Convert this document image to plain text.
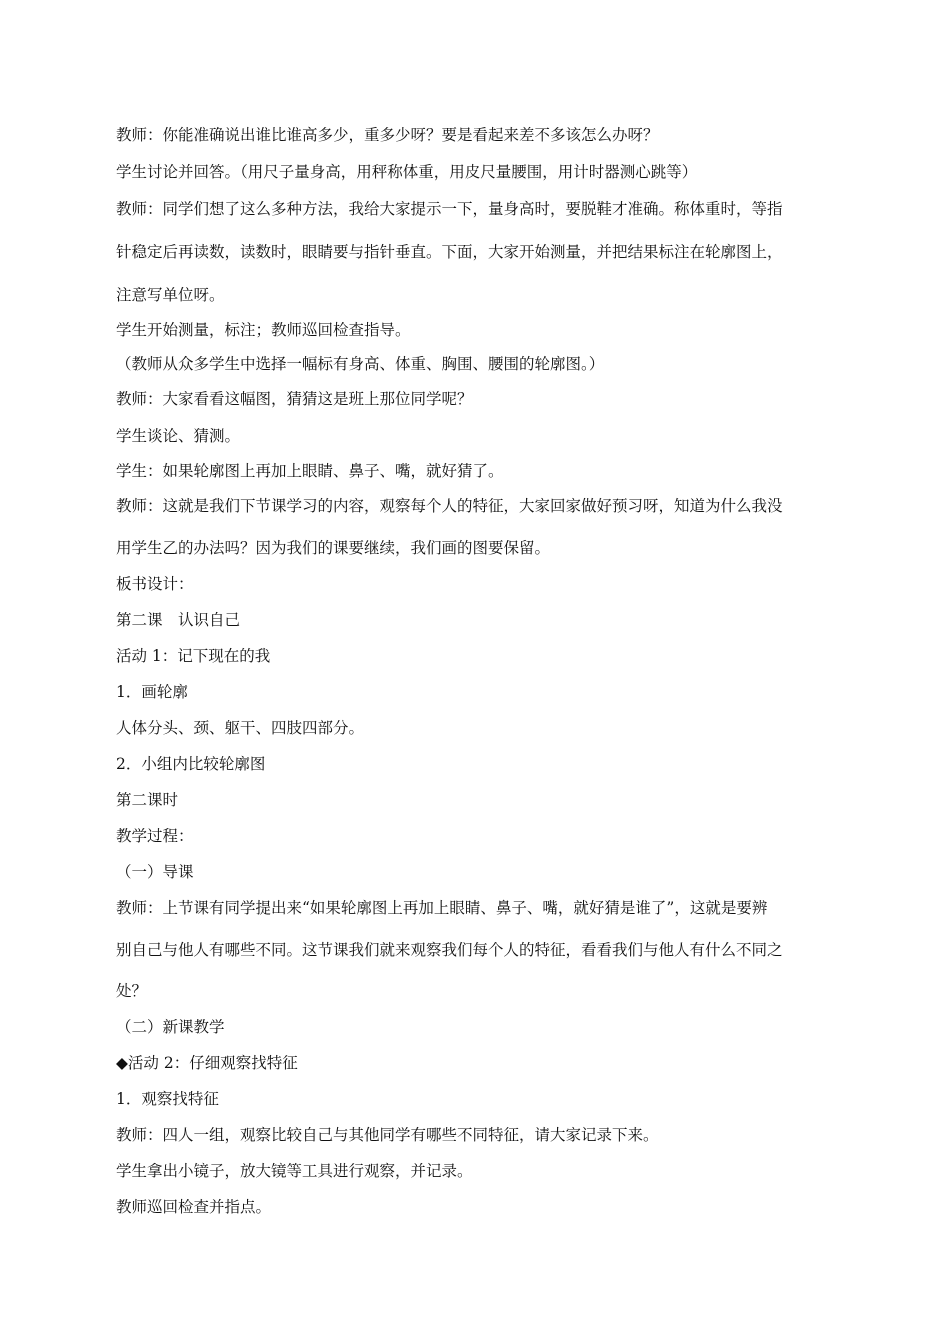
教师：你能准确说出谁比谁高多少，重多少呀？要是看起来差不多该怎么办呀？
学生讨论并回答。（用尺子量身高，用秤称体重，用皮尺量腰围，用计时器测心跳等）
教师：同学们想了这么多种方法，我给大家提示一下，量身高时，要脱鞋才准确。称体重时，等指
针稳定后再读数，读数时，眼睛要与指针垂直。下面，大家开始测量，并把结果标注在轮廓图上，
注意写单位呀。
学生开始测量，标注；教师巡回检查指导。
（教师从众多学生中选择一幅标有身高、体重、胸围、腰围的轮廓图。）
教师：大家看看这幅图，猜猜这是班上那位同学呢？
学生谈论、猜测。
学生：如果轮廓图上再加上眼睛、鼻子、嘴，就好猜了。
教师：这就是我们下节课学习的内容，观察每个人的特征，大家回家做好预习呀，知道为什么我没
用学生乙的办法吗？因为我们的课要继续，我们画的图要保留。
板书设计：
第二课　认识自己
活动 1：记下现在的我
1．画轮廓
人体分头、颈、躯干、四肢四部分。
2．小组内比较轮廓图
第二课时
教学过程：
（一）导课
教师：上节课有同学提出来“如果轮廓图上再加上眼睛、鼻子、嘴，就好猜是谁了”，这就是要辨
别自己与他人有哪些不同。这节课我们就来观察我们每个人的特征，看看我们与他人有什么不同之
处？
（二）新课教学
◆活动 2：仔细观察找特征
1．观察找特征
教师：四人一组，观察比较自己与其他同学有哪些不同特征，请大家记录下来。
学生拿出小镜子，放大镜等工具进行观察，并记录。
教师巡回检查并指点。
